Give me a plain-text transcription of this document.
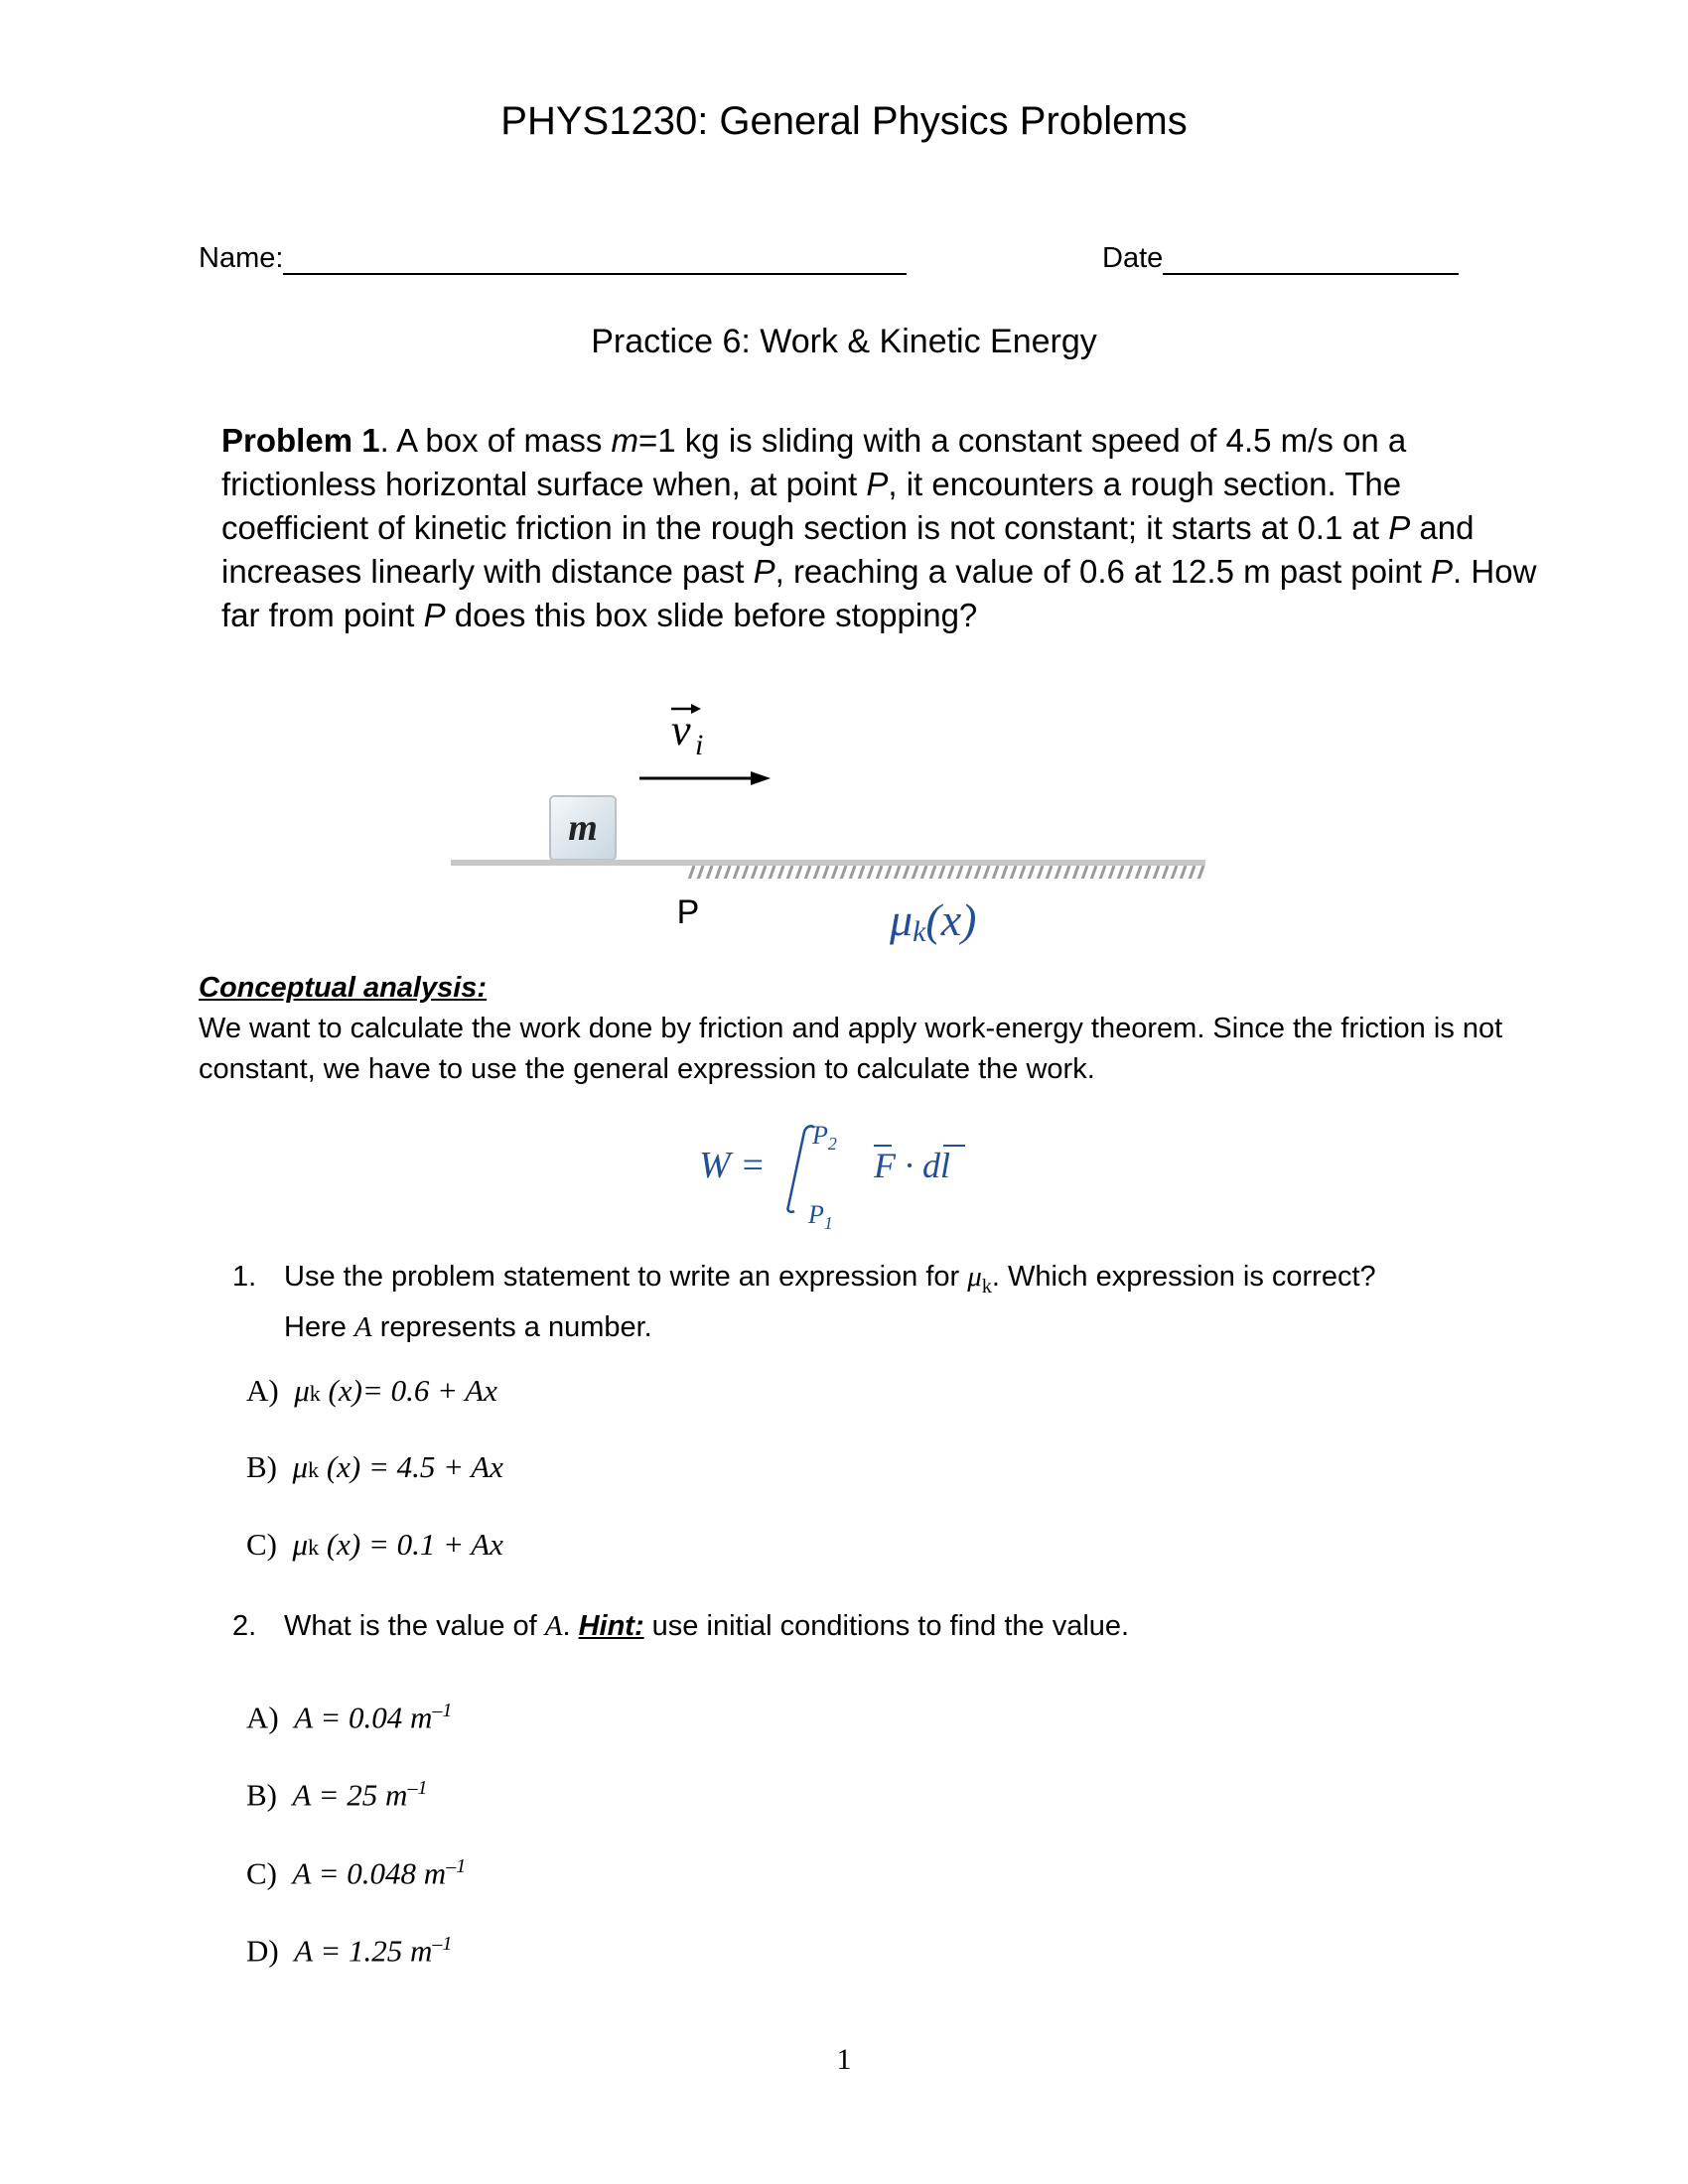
PHYS1230: General Physics Problems
Name:	Date
Practice 6: Work & Kinetic Energy
Problem 1. A box of mass m=1 kg is sliding with a constant speed of 4.5 m/s on a frictionless horizontal surface when, at point P, it encounters a rough section. The coefficient of kinetic friction in the rough section is not constant; it starts at 0.1 at P and increases linearly with distance past P, reaching a value of 0.6 at 12.5 m past point P. How far from point P does this box slide before stopping?
v i
m
P	μk(x)
Conceptual analysis:
We want to calculate the work done by friction and apply work-energy theorem. Since the friction is not constant, we have to use the general expression to calculate the work.
W =
$P_2$
$P_1$
F · dl
1. Use the problem statement to write an expression for $\mu_k$. Which expression is correct?
Here A represents a number.
A) μk (x)= 0.6 + Ax
B) μk (x) = 4.5 + Ax
C) μk (x) = 0.1 + Ax
2. What is the value of A. Hint: use initial conditions to find the value.
A) A = 0.04 $m^{-1}$
B) A = 25 $m^{-1}$
C) A = 0.048 $m^{-1}$
D) A = 1.25 $m^{-1}$
1
